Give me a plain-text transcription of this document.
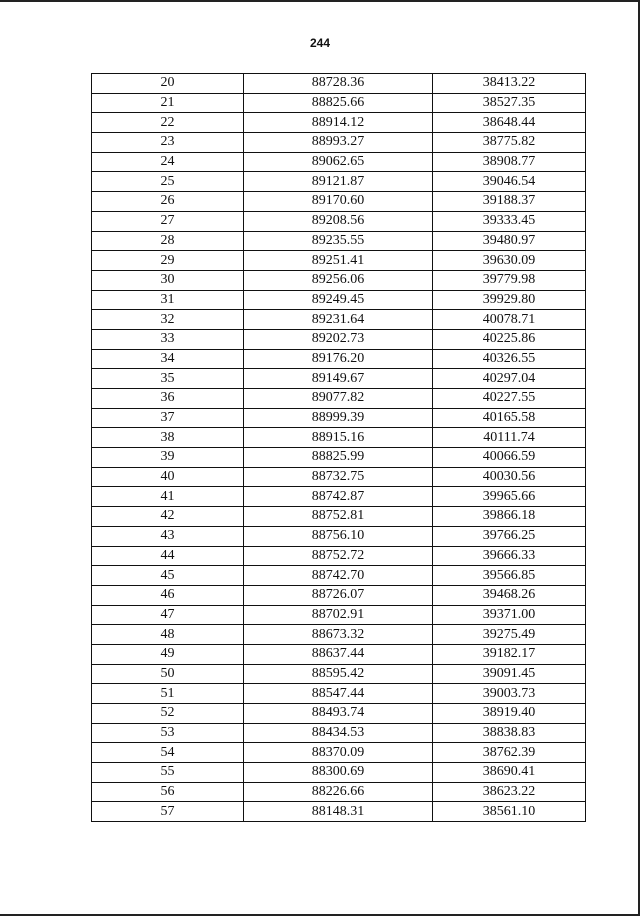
244
20	88728.36	38413.22
21	88825.66	38527.35
22	88914.12	38648.44
23	88993.27	38775.82
24	89062.65	38908.77
25	89121.87	39046.54
26	89170.60	39188.37
27	89208.56	39333.45
28	89235.55	39480.97
29	89251.41	39630.09
30	89256.06	39779.98
31	89249.45	39929.80
32	89231.64	40078.71
33	89202.73	40225.86
34	89176.20	40326.55
35	89149.67	40297.04
36	89077.82	40227.55
37	88999.39	40165.58
38	88915.16	40111.74
39	88825.99	40066.59
40	88732.75	40030.56
41	88742.87	39965.66
42	88752.81	39866.18
43	88756.10	39766.25
44	88752.72	39666.33
45	88742.70	39566.85
46	88726.07	39468.26
47	88702.91	39371.00
48	88673.32	39275.49
49	88637.44	39182.17
50	88595.42	39091.45
51	88547.44	39003.73
52	88493.74	38919.40
53	88434.53	38838.83
54	88370.09	38762.39
55	88300.69	38690.41
56	88226.66	38623.22
57	88148.31	38561.10
